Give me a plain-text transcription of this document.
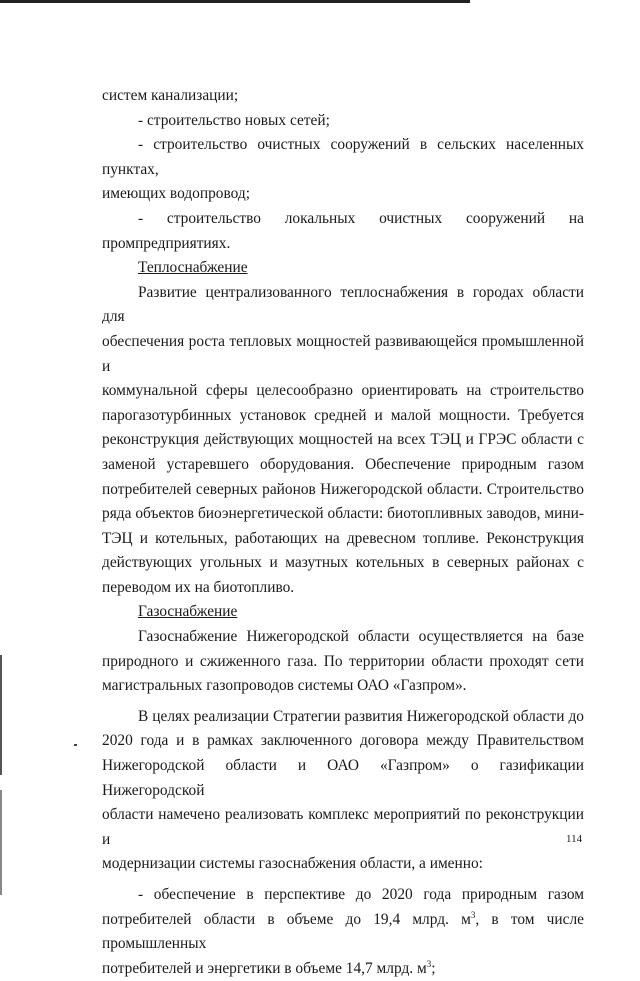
систем канализации;

- строительство новых сетей;

- строительство очистных сооружений в сельских населенных пунктах,

имеющих водопровод;

- строительство локальных очистных сооружений на

промпредприятиях.

Теплоснабжение

Развитие централизованного теплоснабжения в городах области для

обеспечения роста тепловых мощностей развивающейся промышленной и

коммунальной сферы целесообразно ориентировать на строительство

парогазотурбинных установок средней и малой мощности. Требуется

реконструкция действующих мощностей на всех ТЭЦ и ГРЭС области с

заменой устаревшего оборудования. Обеспечение природным газом

потребителей северных районов Нижегородской области. Строительство

ряда объектов биоэнергетической области: биотопливных заводов, мини-

ТЭЦ и котельных, работающих на древесном топливе. Реконструкция

действующих угольных и мазутных котельных в северных районах с

переводом их на биотопливо.

Газоснабжение

Газоснабжение Нижегородской области осуществляется на базе

природного и сжиженного газа. По территории области проходят сети

магистральных газопроводов системы ОАО «Газпром».

В целях реализации Стратегии развития Нижегородской области до

2020 года и в рамках заключенного договора между Правительством

Нижегородской области и ОАО «Газпром» о газификации Нижегородской

области намечено реализовать комплекс мероприятий по реконструкции и

модернизации системы газоснабжения области, а именно:

- обеспечение в перспективе до 2020 года природным газом

потребителей области в объеме до 19,4 млрд. $м^3$, в том числе промышленных

потребителей и энергетики в объеме 14,7 млрд. $м^3$;

114
